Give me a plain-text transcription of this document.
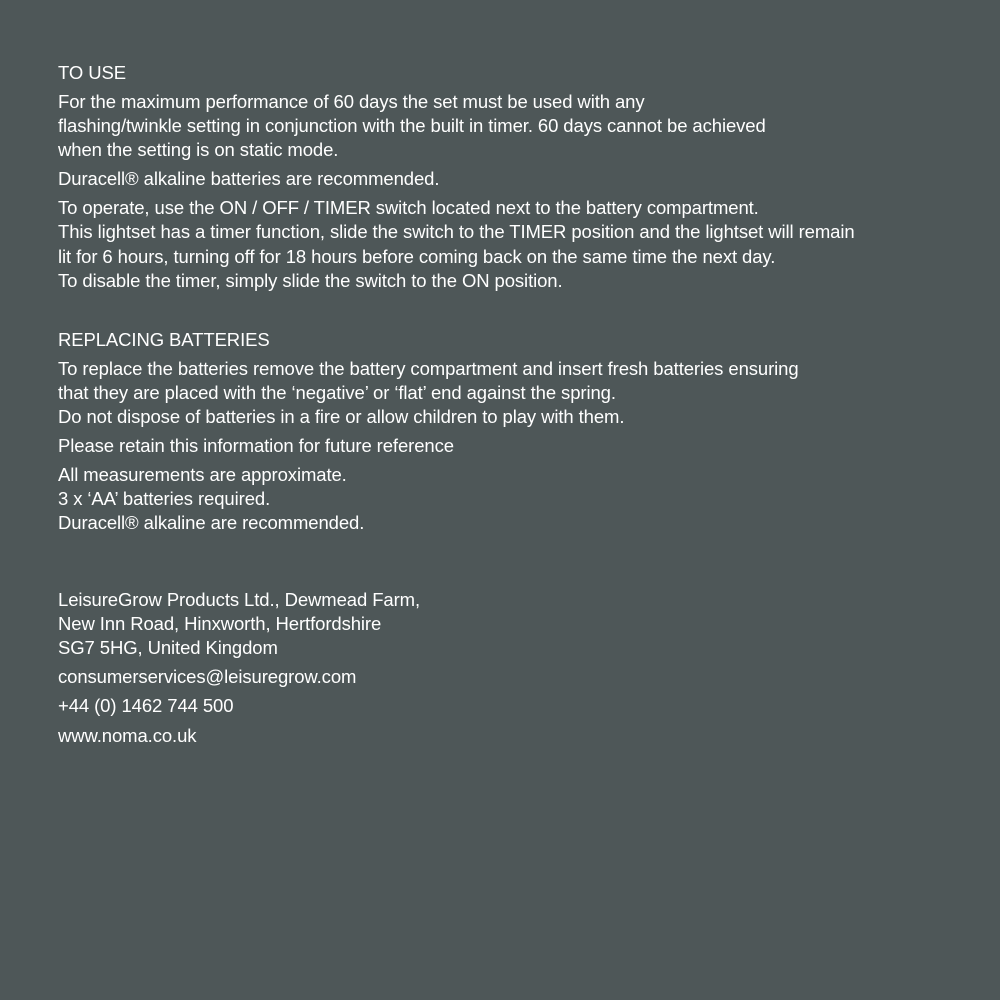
TO USE
For the maximum performance of 60 days the set must be used with any
flashing/twinkle setting in conjunction with the built in timer. 60 days cannot be achieved
when the setting is on static mode.
Duracell® alkaline batteries are recommended.
To operate, use the ON / OFF / TIMER switch located next to the battery compartment.
This lightset has a timer function, slide the switch to the TIMER position and the lightset will remain
lit for 6 hours, turning off for 18 hours before coming back on the same time the next day.
To disable the timer, simply slide the switch to the ON position.
REPLACING BATTERIES
To replace the batteries remove the battery compartment and insert fresh batteries ensuring
that they are placed with the ‘negative’ or ‘flat’ end against the spring.
Do not dispose of batteries in a fire or allow children to play with them.
Please retain this information for future reference
All measurements are approximate.
3 x ‘AA’ batteries required.
Duracell® alkaline are recommended.
LeisureGrow Products Ltd., Dewmead Farm,
New Inn Road, Hinxworth, Hertfordshire
SG7 5HG, United Kingdom
consumerservices@leisuregrow.com
+44 (0) 1462 744 500
www.noma.co.uk
